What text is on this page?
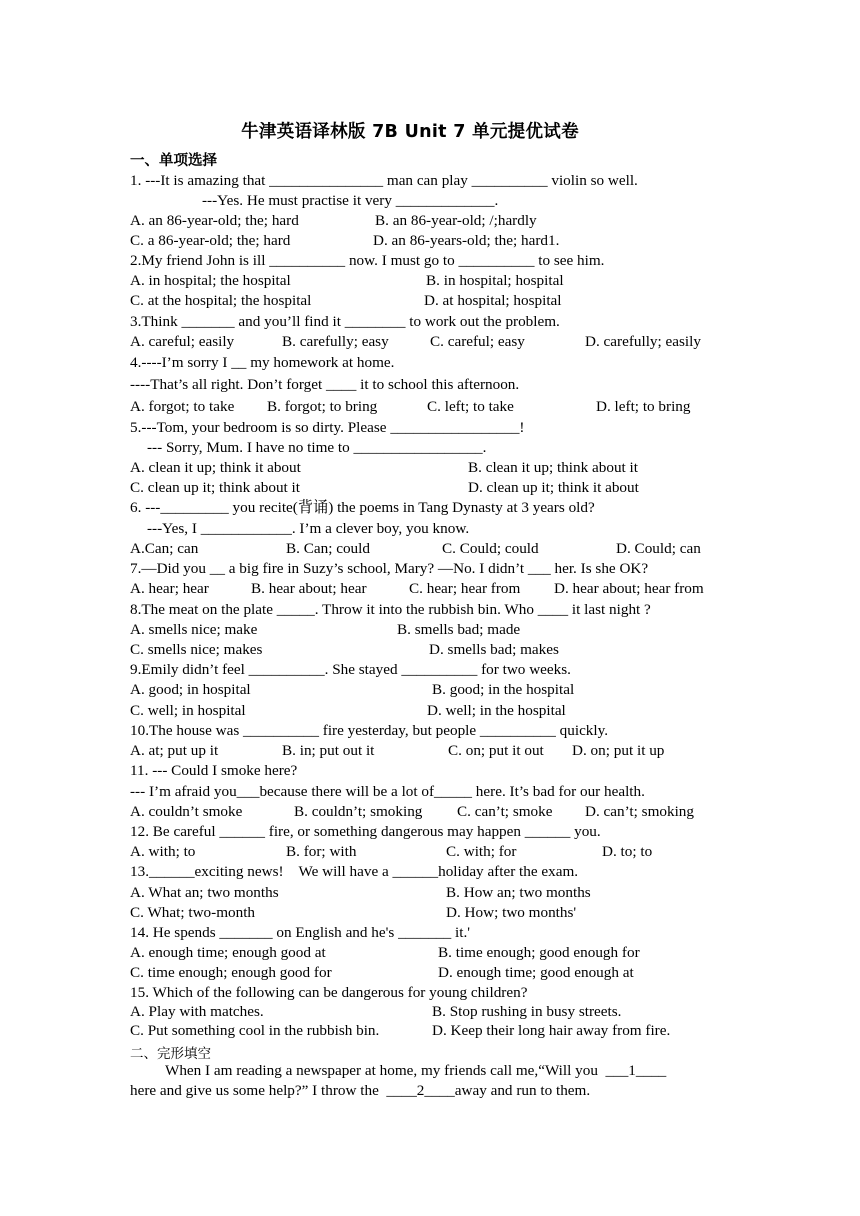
牛津英语译林版 7B Unit 7 单元提优试卷
一、单项选择
二、完形填空
1. ---It is amazing that _______________ man can play __________ violin so well.
---Yes. He must practise it very _____________.
A. an 86-year-old; the; hard	B. an 86-year-old; /;hardly
C. a 86-year-old; the; hard	D. an 86-years-old; the; hard1.
2.My friend John is ill __________ now. I must go to __________ to see him.
A. in hospital; the hospital	B. in hospital; hospital
C. at the hospital; the hospital	D. at hospital; hospital
3.Think _______ and you’ll find it ________ to work out the problem.
A. careful; easily	B. carefully; easy	C. careful; easy	D. carefully; easily
4.----I’m sorry I __ my homework at home.
----That’s all right. Don’t forget ____ it to school this afternoon.
A. forgot; to take B. forgot; to bring	C. left; to take	D. left; to bring
5.---Tom, your bedroom is so dirty. Please _________________!
--- Sorry, Mum. I have no time to _________________.
A. clean it up; think it about	B. clean it up; think about it
C. clean up it; think about it	D. clean up it; think it about
6. ---_________ you recite(背诵) the poems in Tang Dynasty at 3 years old?
---Yes, I ____________. I’m a clever boy, you know.
A.Can; can	B. Can; could	C. Could; could	D. Could; can
7.—Did you __ a big fire in Suzy’s school, Mary? —No. I didn’t ___ her. Is she OK?
A. hear; hear	B. hear about; hear	C. hear; hear from D. hear about; hear from
8.The meat on the plate _____. Throw it into the rubbish bin. Who ____ it last night ?
A. smells nice; make	B. smells bad; made
C. smells nice; makes	D. smells bad; makes
9.Emily didn’t feel __________. She stayed __________ for two weeks.
A. good; in hospital	B. good; in the hospital
C. well; in hospital	D. well; in the hospital
10.The house was __________ fire yesterday, but people __________ quickly.
A. at; put up it	B. in; put out it	C. on; put it out D. on; put it up
11. --- Could I smoke here?
--- I’m afraid you___because there will be a lot of_____ here. It’s bad for our health.
A. couldn’t smoke	B. couldn’t; smoking C. can’t; smoke D. can’t; smoking
12. Be careful ______ fire, or something dangerous may happen ______ you.
A. with; to	B. for; with	C. with; for	D. to; to
13.______exciting news!    We will have a ______holiday after the exam.
A. What an; two months	B. How an; two months
C. What; two-month	D. How; two months'
14. He spends _______ on English and he's _______ it.'
A. enough time; enough good at	B. time enough; good enough for
C. time enough; enough good for	D. enough time; good enough at
15. Which of the following can be dangerous for young children?
A. Play with matches.	B. Stop rushing in busy streets.
C. Put something cool in the rubbish bin.	D. Keep their long hair away from fire.
When I am reading a newspaper at home, my friends call me,“Will you  ___1____
here and give us some help?” I throw the  ____2____away and run to them.
